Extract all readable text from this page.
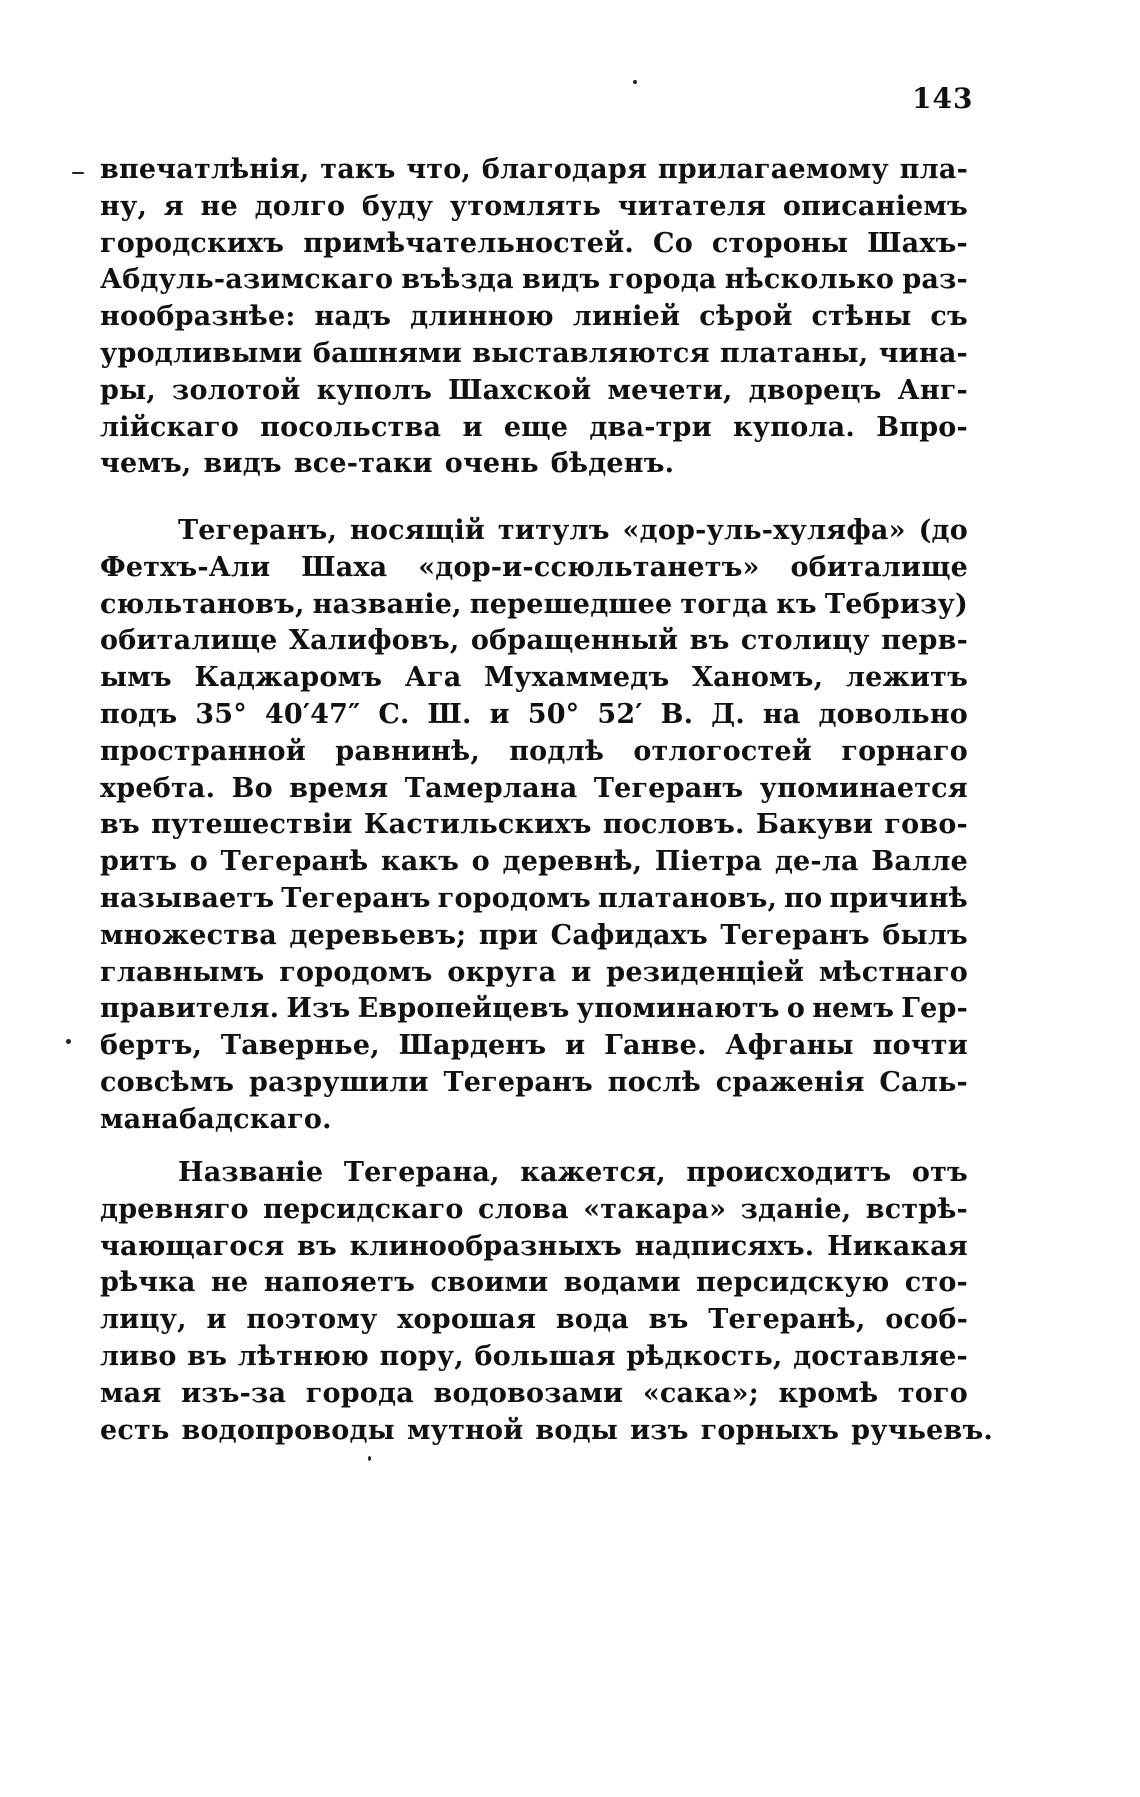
143
впечатлѣнія, такъ что, благодаря прилагаемому пла-
ну, я не долго буду утомлять читателя описаніемъ
городскихъ примѣчательностей. Со стороны Шахъ-
Абдуль-азимскаго въѣзда видъ города нѣсколько раз-
нообразнѣе: надъ длинною линіей сѣрой стѣны съ
уродливыми башнями выставляются платаны, чина-
ры, золотой куполъ Шахской мечети, дворецъ Анг-
лійскаго посольства и еще два-три купола. Впро-
чемъ, видъ все-таки очень бѣденъ.
Тегеранъ, носящій титулъ «дор-уль-хуляфа» (до
Фетхъ-Али Шаха «дор-и-ссюльтанетъ» обиталище
сюльтановъ, названіе, перешедшее тогда къ Тебризу)
обиталище Халифовъ, обращенный въ столицу перв-
ымъ Каджаромъ Ага Мухаммедъ Ханомъ, лежитъ
подъ 35° 40′47″ С. Ш. и 50° 52′ В. Д. на довольно
пространной равнинѣ, подлѣ отлогостей горнаго
хребта. Во время Тамерлана Тегеранъ упоминается
въ путешествіи Кастильскихъ пословъ. Бакуви гово-
ритъ о Тегеранѣ какъ о деревнѣ, Піетра де-ла Валле
называетъ Тегеранъ городомъ платановъ, по причинѣ
множества деревьевъ; при Сафидахъ Тегеранъ былъ
главнымъ городомъ округа и резиденціей мѣстнаго
правителя. Изъ Европейцевъ упоминаютъ о немъ Гер-
бертъ, Тавернье, Шарденъ и Ганве. Афганы почти
совсѣмъ разрушили Тегеранъ послѣ сраженія Саль-
манабадскаго.
Названіе Тегерана, кажется, происходитъ отъ
древняго персидскаго слова «такара» зданіе, встрѣ-
чающагося въ клинообразныхъ надписяхъ. Никакая
рѣчка не напояетъ своими водами персидскую сто-
лицу, и поэтому хорошая вода въ Тегеранѣ, особ-
ливо въ лѣтнюю пору, большая рѣдкость, доставляе-
мая изъ-за города водовозами «сака»; кромѣ того
есть водопроводы мутной воды изъ горныхъ ручьевъ.
